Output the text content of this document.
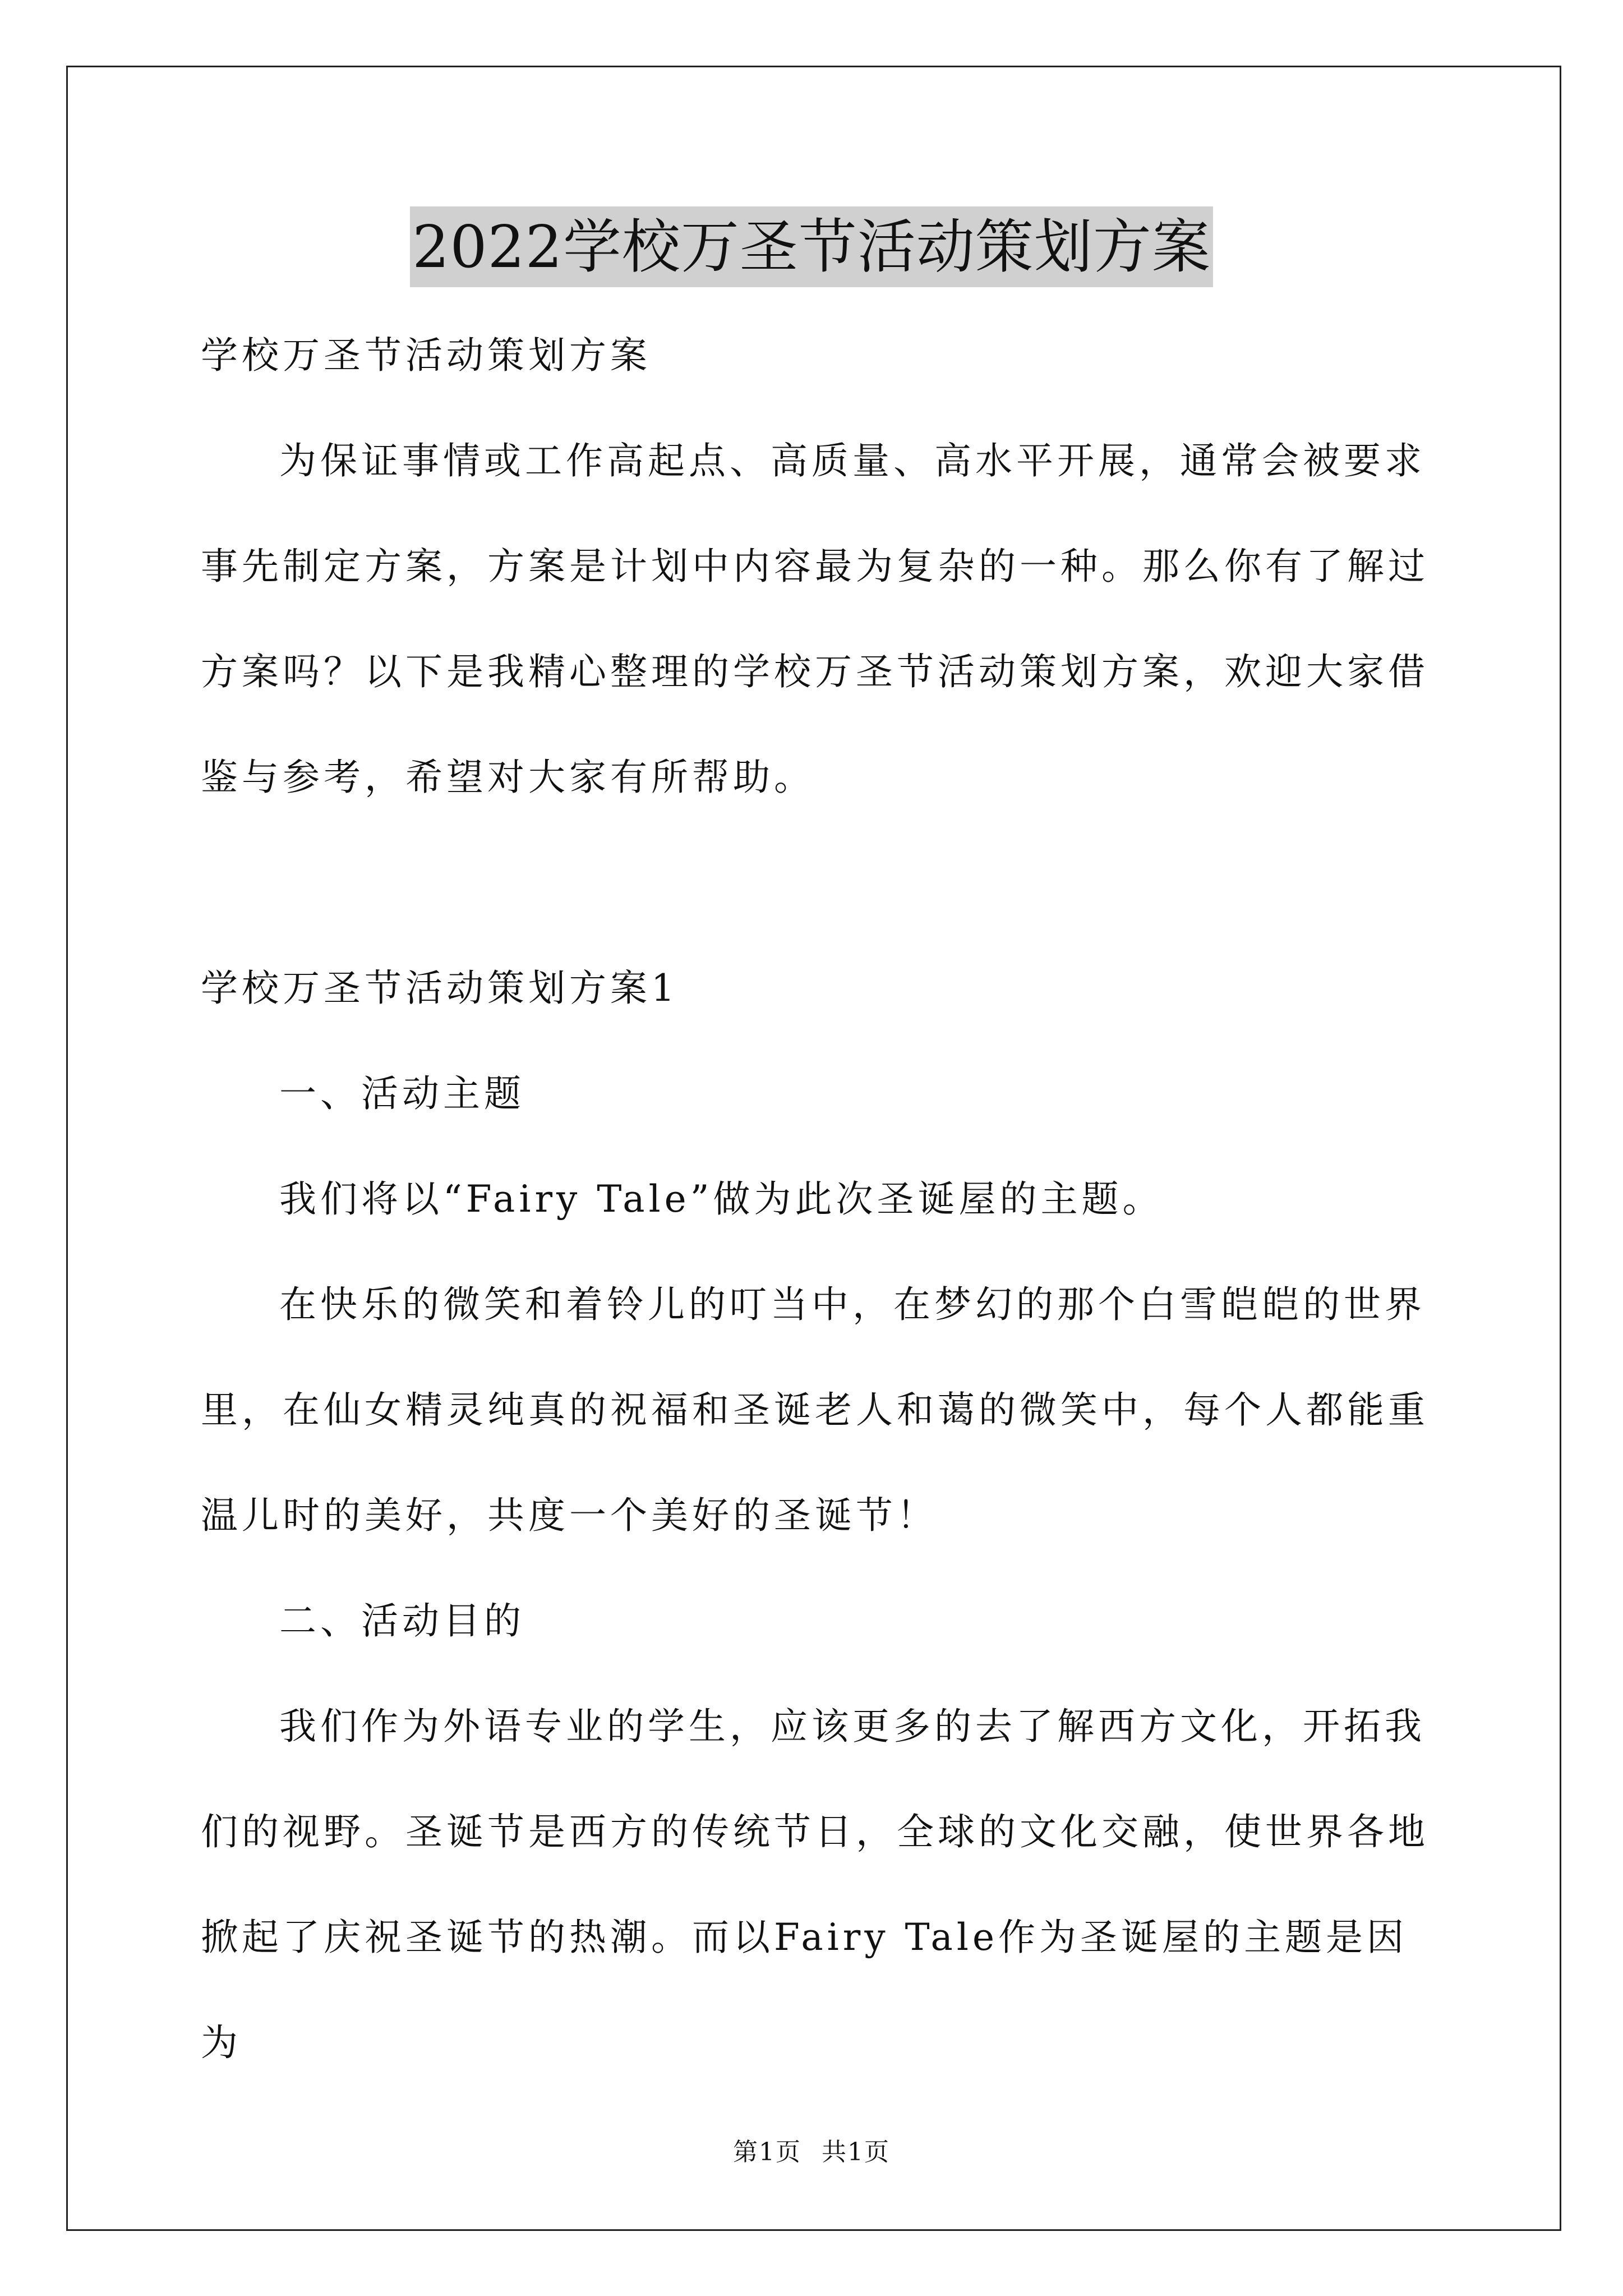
2022学校万圣节活动策划方案

学校万圣节活动策划方案

为保证事情或工作高起点、高质量、高水平开展，通常会被要求事先制定方案，方案是计划中内容最为复杂的一种。那么你有了解过方案吗？以下是我精心整理的学校万圣节活动策划方案，欢迎大家借鉴与参考，希望对大家有所帮助。

学校万圣节活动策划方案1

一、活动主题

我们将以“Fairy Tale”做为此次圣诞屋的主题。

在快乐的微笑和着铃儿的叮当中，在梦幻的那个白雪皑皑的世界里，在仙女精灵纯真的祝福和圣诞老人和蔼的微笑中，每个人都能重温儿时的美好，共度一个美好的圣诞节！

二、活动目的

我们作为外语专业的学生，应该更多的去了解西方文化，开拓我们的视野。圣诞节是西方的传统节日，全球的文化交融，使世界各地掀起了庆祝圣诞节的热潮。而以Fairy Tale作为圣诞屋的主题是因为

第1页 共1页
